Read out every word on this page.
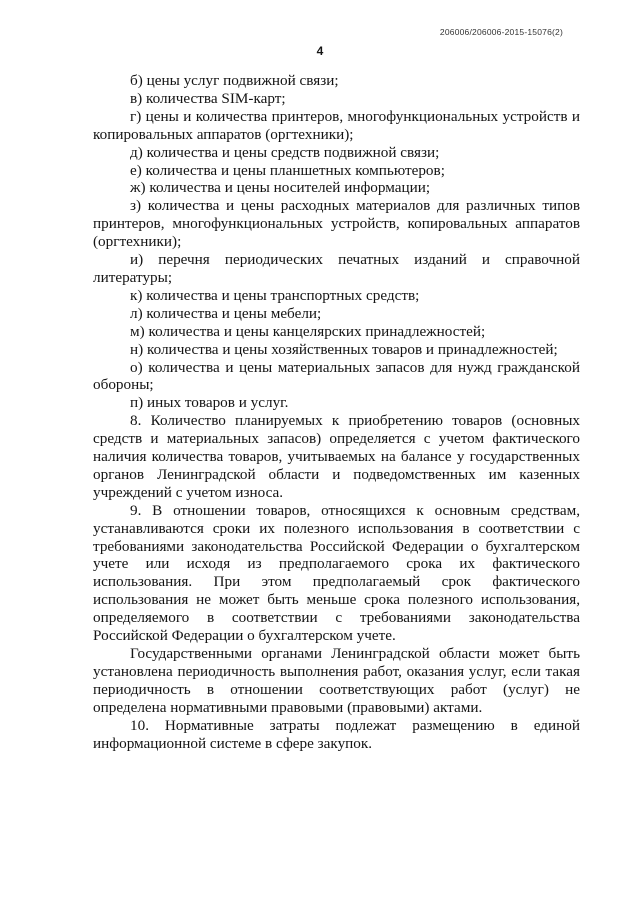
206006/206006-2015-15076(2)
4

б) цены услуг подвижной связи;

в) количества SIM-карт;

г) цены и количества принтеров, многофункциональных устройств и копировальных аппаратов (оргтехники);

д) количества и цены средств подвижной связи;

е) количества и цены планшетных компьютеров;

ж) количества и цены носителей информации;

з) количества и цены расходных материалов для различных типов принтеров, многофункциональных устройств, копировальных аппаратов (оргтехники);

и) перечня периодических печатных изданий и справочной литературы;

к) количества и цены транспортных средств;

л) количества и цены мебели;

м) количества и цены канцелярских принадлежностей;

н) количества и цены хозяйственных товаров и принадлежностей;

о) количества и цены материальных запасов для нужд гражданской обороны;

п) иных товаров и услуг.

8. Количество планируемых к приобретению товаров (основных средств и материальных запасов) определяется с учетом фактического наличия количества товаров, учитываемых на балансе у государственных органов Ленинградской области и подведомственных им казенных учреждений с учетом износа.

9. В отношении товаров, относящихся к основным средствам, устанавливаются сроки их полезного использования в соответствии с требованиями законодательства Российской Федерации о бухгалтерском учете или исходя из предполагаемого срока их фактического использования. При этом предполагаемый срок фактического использования не может быть меньше срока полезного использования, определяемого в соответствии с требованиями законодательства Российской Федерации о бухгалтерском учете.

Государственными органами Ленинградской области может быть установлена периодичность выполнения работ, оказания услуг, если такая периодичность в отношении соответствующих работ (услуг) не определена нормативными правовыми (правовыми) актами.

10. Нормативные затраты подлежат размещению в единой информационной системе в сфере закупок.
